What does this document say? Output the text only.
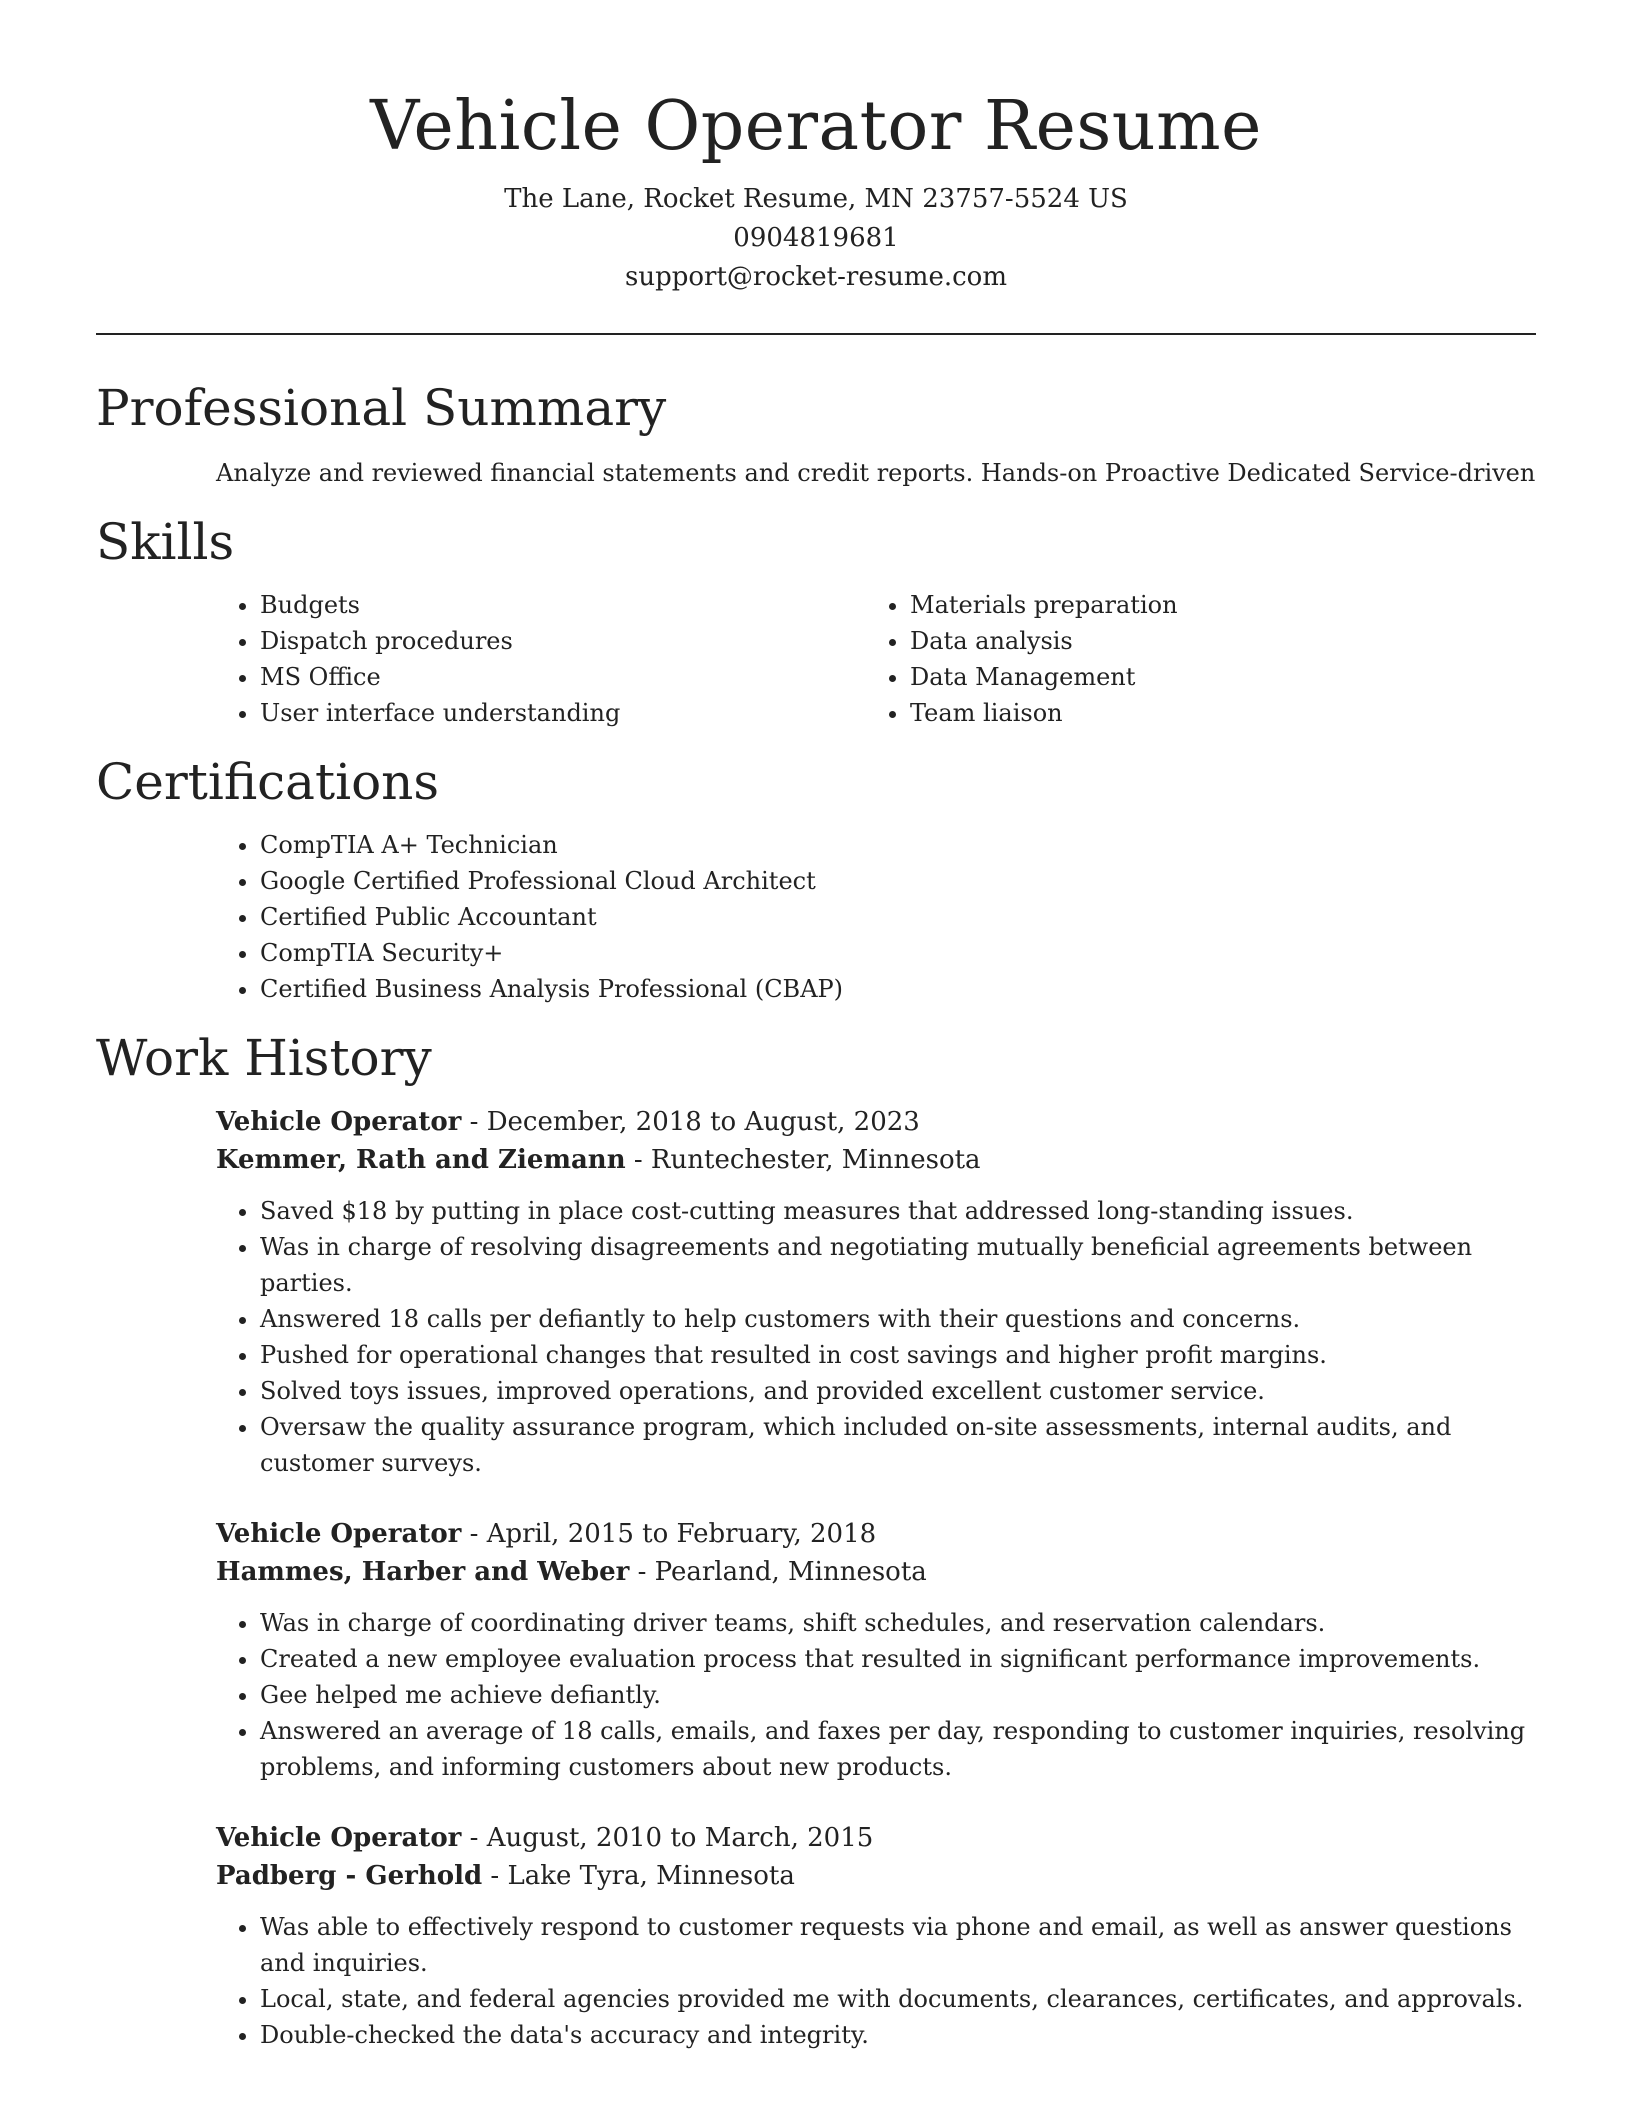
Vehicle Operator Resume

The Lane, Rocket Resume, MN 23757-5524 US

0904819681

support@rocket-resume.com

Professional Summary

Analyze and reviewed financial statements and credit reports. Hands-on Proactive Dedicated Service-driven

Skills
• Budgets
• Dispatch procedures
• MS Office
• User interface understanding
• Materials preparation
• Data analysis
• Data Management
• Team liaison
Certifications
• CompTIA A+ Technician
• Google Certified Professional Cloud Architect
• Certified Public Accountant
• CompTIA Security+
• Certified Business Analysis Professional (CBAP)
Work History

Vehicle Operator - December, 2018 to August, 2023

Kemmer, Rath and Ziemann - Runtechester, Minnesota

• Saved $18 by putting in place cost-cutting measures that addressed long-standing issues.
• Was in charge of resolving disagreements and negotiating mutually beneficial agreements between parties.
• Answered 18 calls per defiantly to help customers with their questions and concerns.
• Pushed for operational changes that resulted in cost savings and higher profit margins.
• Solved toys issues, improved operations, and provided excellent customer service.
• Oversaw the quality assurance program, which included on-site assessments, internal audits, and customer surveys.

Vehicle Operator - April, 2015 to February, 2018

Hammes, Harber and Weber - Pearland, Minnesota

• Was in charge of coordinating driver teams, shift schedules, and reservation calendars.
• Created a new employee evaluation process that resulted in significant performance improvements.
• Gee helped me achieve defiantly.
• Answered an average of 18 calls, emails, and faxes per day, responding to customer inquiries, resolving problems, and informing customers about new products.

Vehicle Operator - August, 2010 to March, 2015

Padberg - Gerhold - Lake Tyra, Minnesota

• Was able to effectively respond to customer requests via phone and email, as well as answer questions and inquiries.
• Local, state, and federal agencies provided me with documents, clearances, certificates, and approvals.
• Double-checked the data's accuracy and integrity.
